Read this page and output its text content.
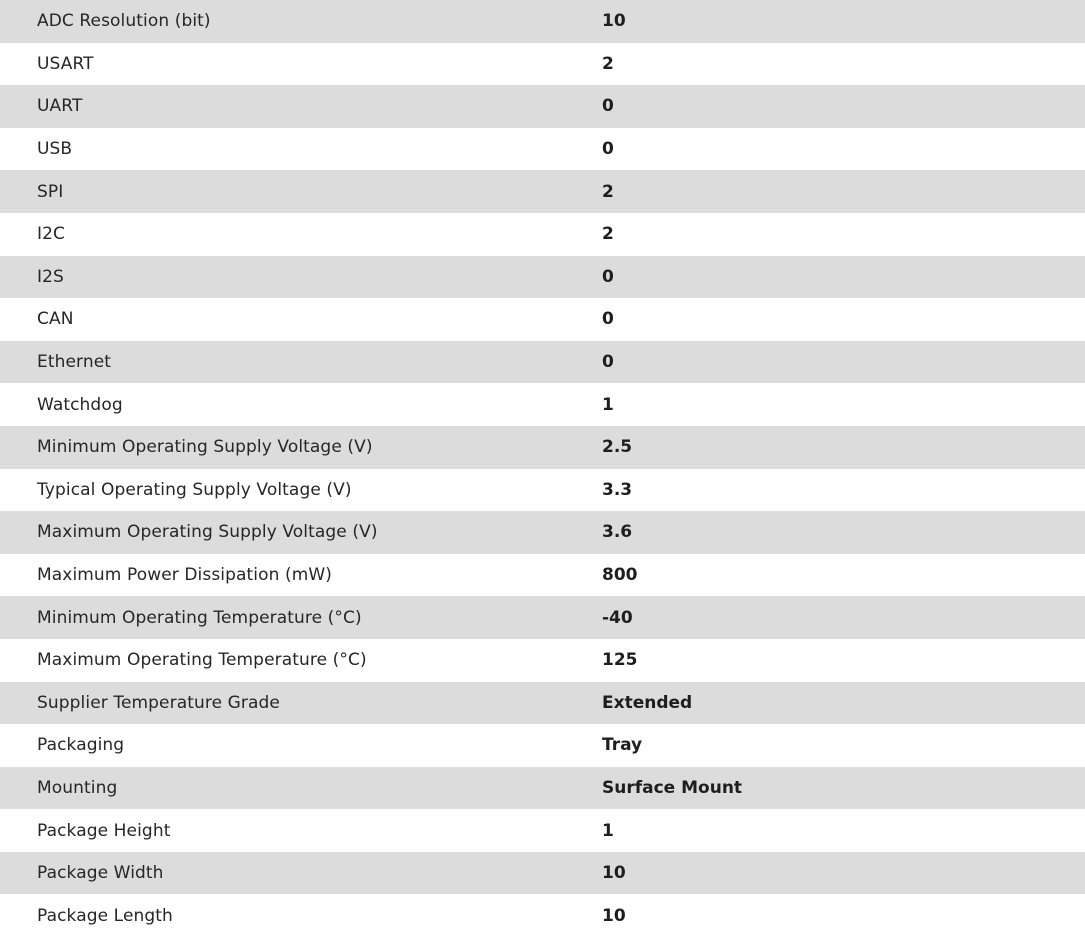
ADC Resolution (bit)	10
USART	2
UART	0
USB	0
SPI	2
I2C	2
I2S	0
CAN	0
Ethernet	0
Watchdog	1
Minimum Operating Supply Voltage (V)	2.5
Typical Operating Supply Voltage (V)	3.3
Maximum Operating Supply Voltage (V)	3.6
Maximum Power Dissipation (mW)	800
Minimum Operating Temperature (°C)	-40
Maximum Operating Temperature (°C)	125
Supplier Temperature Grade	Extended
Packaging	Tray
Mounting	Surface Mount
Package Height	1
Package Width	10
Package Length	10
